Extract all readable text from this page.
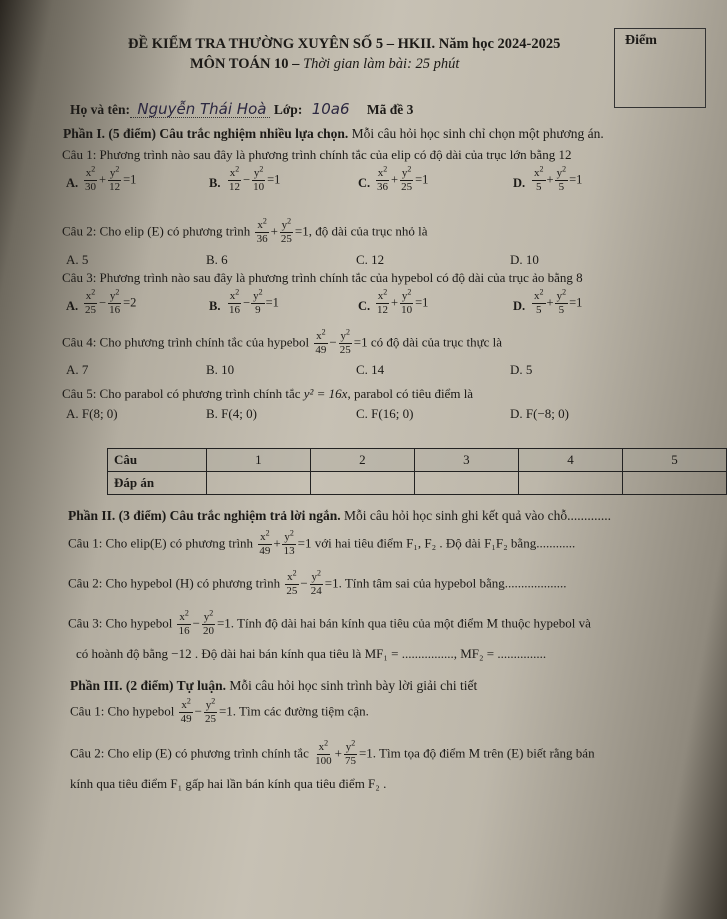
ĐỀ KIỂM TRA THƯỜNG XUYÊN SỐ 5 – HKII. Năm học 2024-2025
MÔN TOÁN 10 – Thời gian làm bài: 25 phút
Điểm
Họ và tên: Nguyễn Thái Hoà Lớp: 10a6 Mã đề 3
Phần I. (5 điểm) Câu trắc nghiệm nhiều lựa chọn. Mỗi câu hỏi học sinh chỉ chọn một phương án.
Câu 1: Phương trình nào sau đây là phương trình chính tắc của elip có độ dài của trục lớn bằng 12
A. $\frac{x^2}{30} + \frac{y^2}{12} =1$	B. $\frac{x^2}{12} - \frac{y^2}{10} =1$	C. $\frac{x^2}{36} + \frac{y^2}{25} =1$	D. $\frac{x^2}{5} + \frac{y^2}{5} =1$
Câu 2: Cho elip (E) có phương trình $\frac{x^2}{36} + \frac{y^2}{25} =1$, độ dài của trục nhỏ là
A. 5	B. 6	C. 12	D. 10
Câu 3: Phương trình nào sau đây là phương trình chính tắc của hypebol có độ dài của trục ảo bằng 8
A. $\frac{x^2}{25} - \frac{y^2}{16} =2$	B. $\frac{x^2}{16} - \frac{y^2}{9} =1$	C. $\frac{x^2}{12} + \frac{y^2}{10} =1$	D. $\frac{x^2}{5} + \frac{y^2}{5} =1$
Câu 4: Cho phương trình chính tắc của hypebol $\frac{x^2}{49} - \frac{y^2}{25} =1$ có độ dài của trục thực là
A. 7	B. 10	C. 14	D. 5
Câu 5: Cho parabol có phương trình chính tắc y² = 16x, parabol có tiêu điểm là
A. F(8; 0)	B. F(4; 0)	C. F(16; 0)	D. F(−8; 0)
Câu	1	2	3	4	5
Đáp án					
Phần II. (3 điểm) Câu trắc nghiệm trả lời ngắn. Mỗi câu hỏi học sinh ghi kết quả vào chỗ.............
Câu 1: Cho elip(E) có phương trình $\frac{x^2}{49} + \frac{y^2}{13} =1$ với hai tiêu điểm F₁, F₂ . Độ dài F₁F₂ bằng............
Câu 2: Cho hypebol (H) có phương trình $\frac{x^2}{25} - \frac{y^2}{24} =1$. Tính tâm sai của hypebol bằng...................
Câu 3: Cho hypebol $\frac{x^2}{16} - \frac{y^2}{20} =1$. Tính độ dài hai bán kính qua tiêu của một điểm M thuộc hypebol và
có hoành độ bằng −12 . Độ dài hai bán kính qua tiêu là MF₁ = ................, MF₂ = ...............
Phần III. (2 điểm) Tự luận. Mỗi câu hỏi học sinh trình bày lời giải chi tiết
Câu 1: Cho hypebol $\frac{x^2}{49} - \frac{y^2}{25} =1$. Tìm các đường tiệm cận.
Câu 2: Cho elip (E) có phương trình chính tắc $\frac{x^2}{100} + \frac{y^2}{75} =1$. Tìm tọa độ điểm M trên (E) biết rằng bán
kính qua tiêu điểm F₁ gấp hai lần bán kính qua tiêu điểm F₂ .
